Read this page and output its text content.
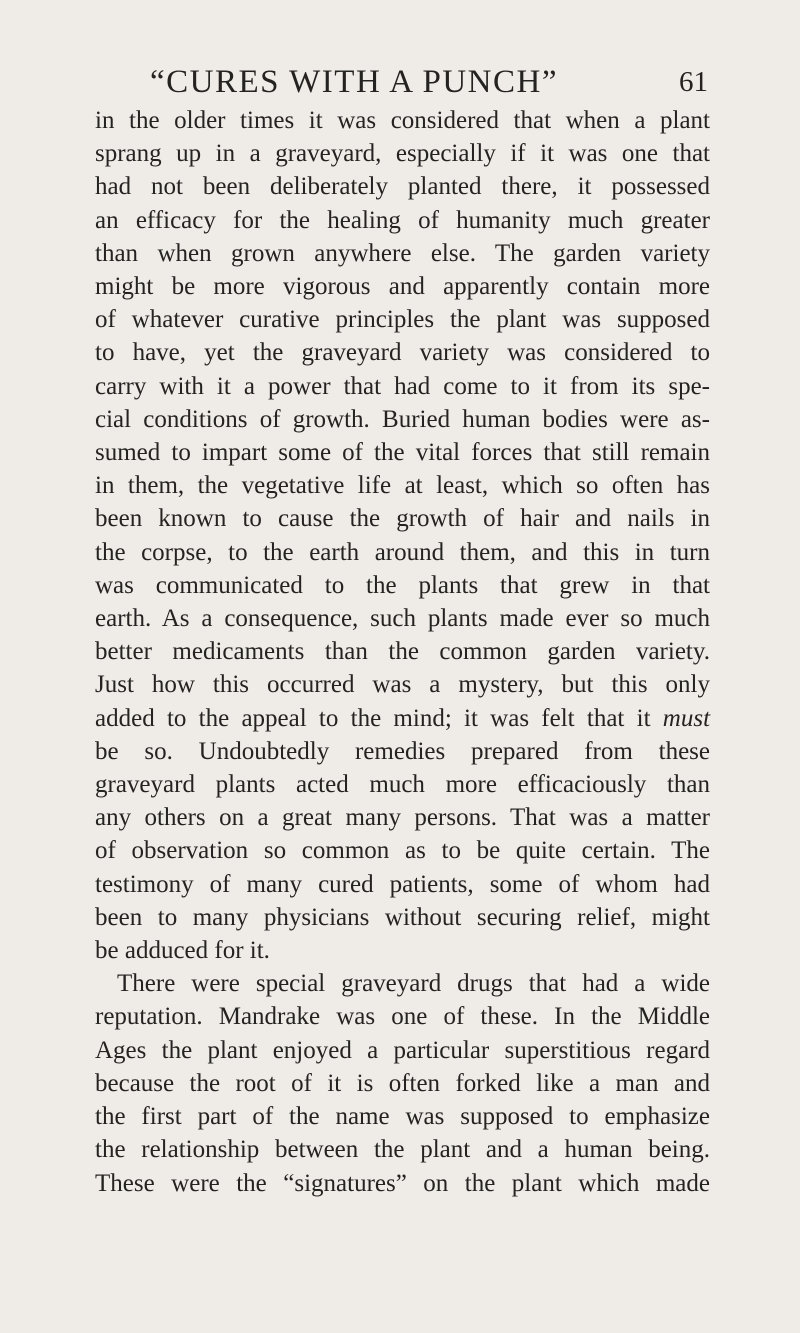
“CURES WITH A PUNCH”	61

in the older times it was considered that when a plant
sprang up in a graveyard, especially if it was one that
had not been deliberately planted there, it possessed
an efficacy for the healing of humanity much greater
than when grown anywhere else. The garden variety
might be more vigorous and apparently contain more
of whatever curative principles the plant was supposed
to have, yet the graveyard variety was considered to
carry with it a power that had come to it from its spe-
cial conditions of growth. Buried human bodies were as-
sumed to impart some of the vital forces that still remain
in them, the vegetative life at least, which so often has
been known to cause the growth of hair and nails in
the corpse, to the earth around them, and this in turn
was communicated to the plants that grew in that
earth. As a consequence, such plants made ever so much
better medicaments than the common garden variety.
Just how this occurred was a mystery, but this only
added to the appeal to the mind; it was felt that it must
be so. Undoubtedly remedies prepared from these
graveyard plants acted much more efficaciously than
any others on a great many persons. That was a matter
of observation so common as to be quite certain. The
testimony of many cured patients, some of whom had
been to many physicians without securing relief, might
be adduced for it.

There were special graveyard drugs that had a wide
reputation. Mandrake was one of these. In the Middle
Ages the plant enjoyed a particular superstitious regard
because the root of it is often forked like a man and
the first part of the name was supposed to emphasize
the relationship between the plant and a human being.
These were the “signatures” on the plant which made
